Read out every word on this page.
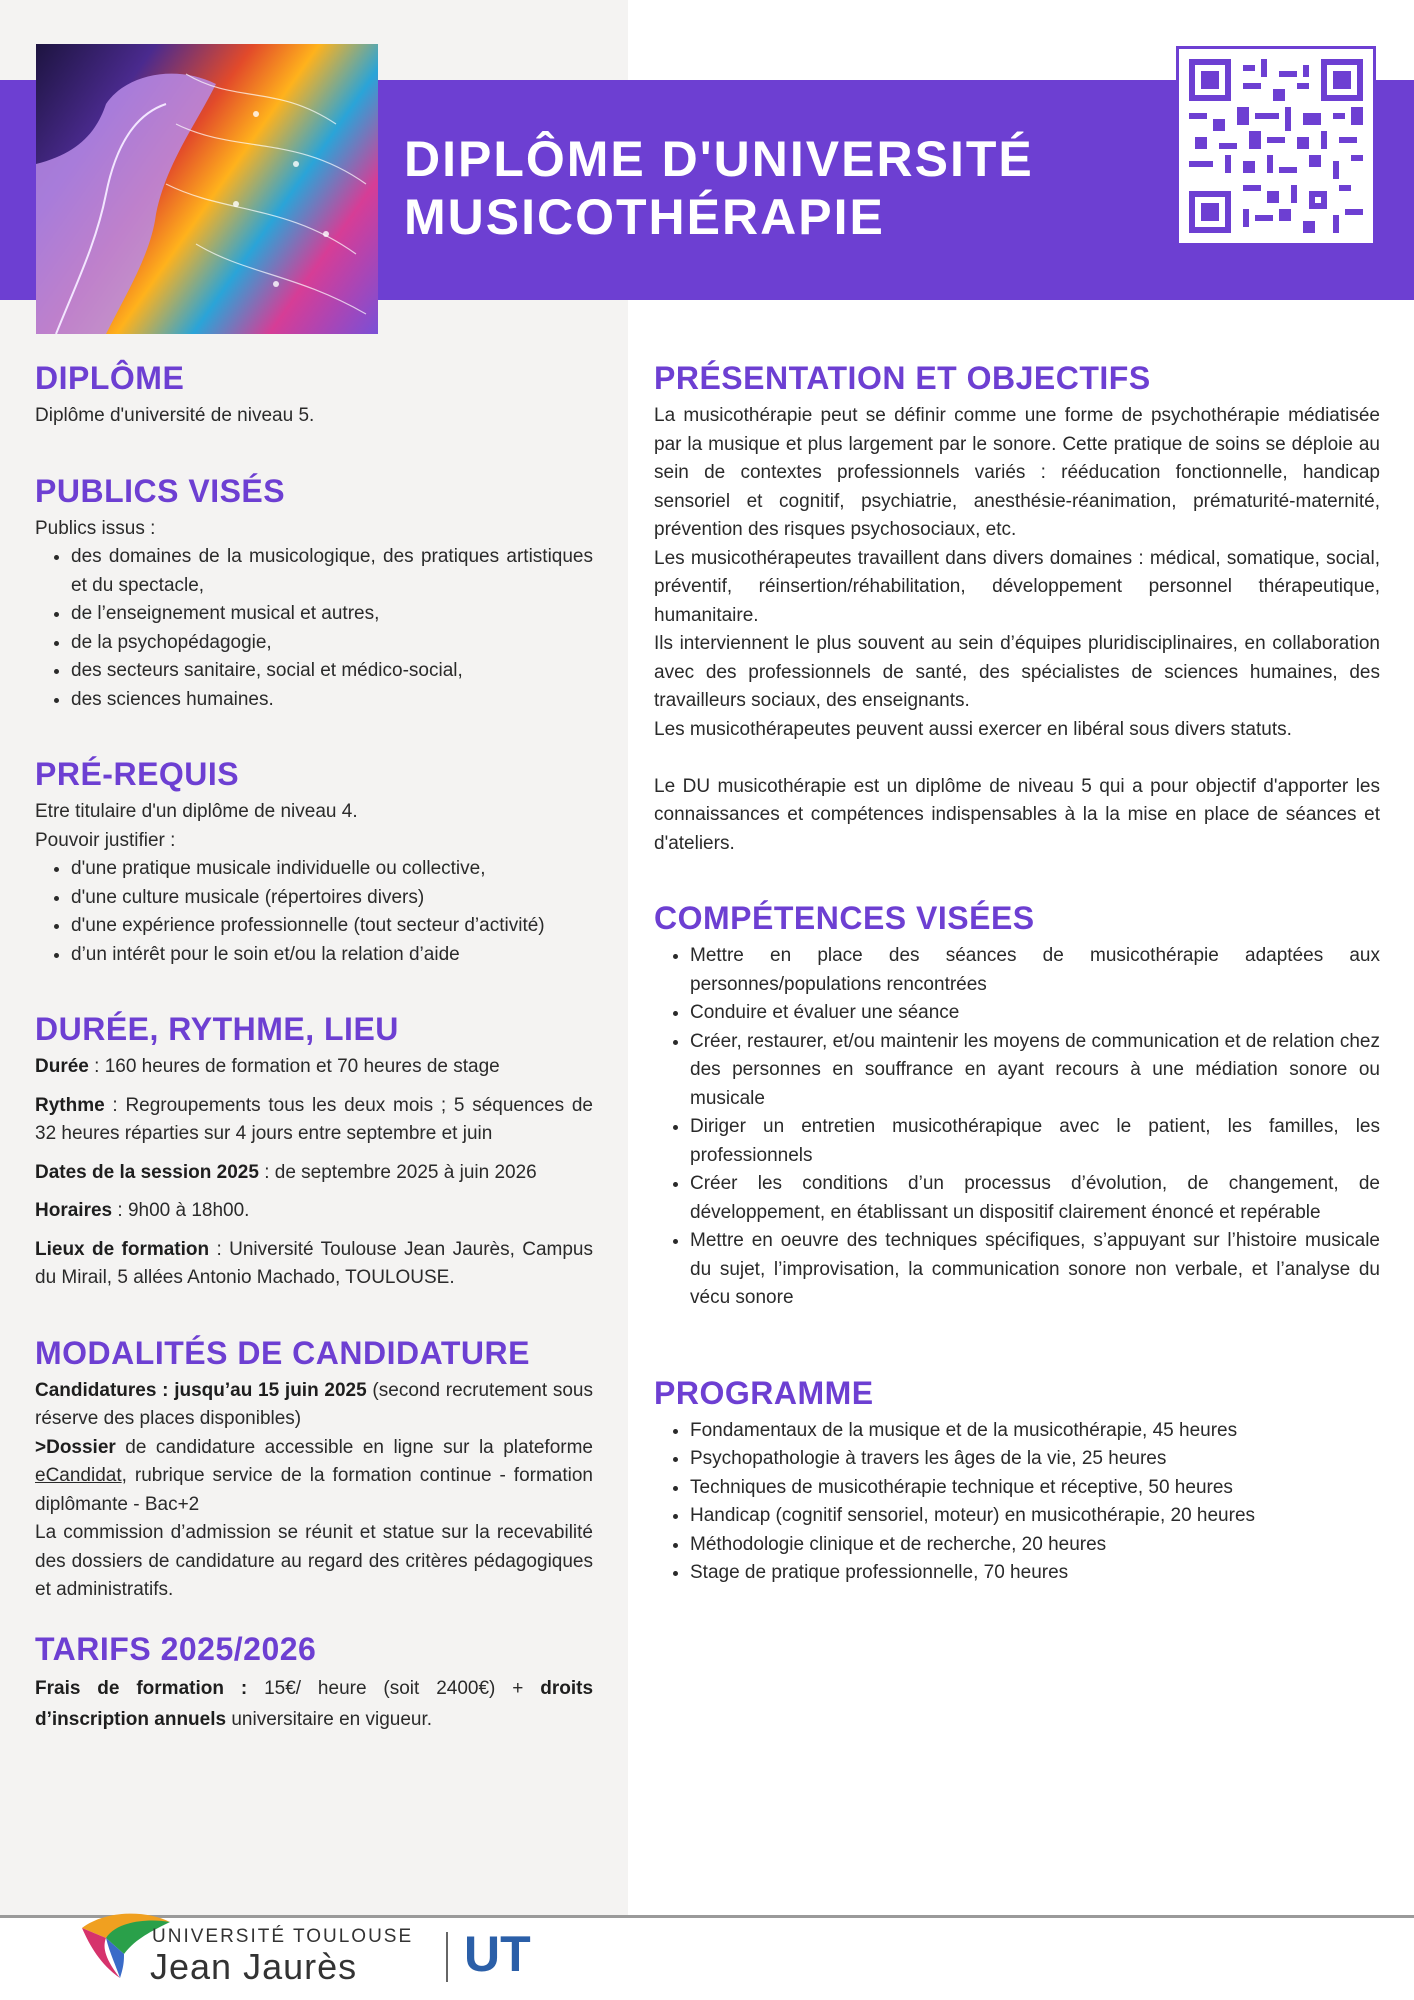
DIPLÔME D'UNIVERSITÉ
MUSICOTHÉRAPIE
DIPLÔME

Diplôme d'université de niveau 5.

PUBLICS VISÉS

Publics issus :

• des domaines de la musicologique, des pratiques artistiques et du spectacle,
• de l’enseignement musical et autres,
• de la psychopédagogie,
• des secteurs sanitaire, social et médico-social,
• des sciences humaines.
PRÉ-REQUIS

Etre titulaire d'un diplôme de niveau 4.

Pouvoir justifier :

• d'une pratique musicale individuelle ou collective,
• d'une culture musicale (répertoires divers)
• d'une expérience professionnelle (tout secteur d’activité)
• d’un intérêt pour le soin et/ou la relation d’aide
DURÉE, RYTHME, LIEU

Durée : 160 heures de formation et 70 heures de stage

Rythme : Regroupements tous les deux mois ; 5 séquences de 32 heures réparties sur 4 jours entre septembre et juin

Dates de la session 2025 : de septembre 2025 à juin 2026

Horaires : 9h00 à 18h00.

Lieux de formation : Université Toulouse Jean Jaurès, Campus du Mirail, 5 allées Antonio Machado, TOULOUSE.

MODALITÉS DE CANDIDATURE

Candidatures : jusqu’au 15 juin 2025 (second recrutement sous réserve des places disponibles)

>Dossier de candidature accessible en ligne sur la plateforme eCandidat, rubrique service de la formation continue - formation diplômante - Bac+2

La commission d’admission se réunit et statue sur la recevabilité des dossiers de candidature au regard des critères pédagogiques et administratifs.

TARIFS 2025/2026

Frais de formation : 15€/ heure (soit 2400€) + droits d’inscription annuels universitaire en vigueur.

PRÉSENTATION ET OBJECTIFS

La musicothérapie peut se définir comme une forme de psychothérapie médiatisée par la musique et plus largement par le sonore. Cette pratique de soins se déploie au sein de contextes professionnels variés : rééducation fonctionnelle, handicap sensoriel et cognitif, psychiatrie, anesthésie-réanimation, prématurité-maternité, prévention des risques psychosociaux, etc.

Les musicothérapeutes travaillent dans divers domaines : médical, somatique, social, préventif, réinsertion/réhabilitation, développement personnel thérapeutique, humanitaire.

Ils interviennent le plus souvent au sein d’équipes pluridisciplinaires, en collaboration avec des professionnels de santé, des spécialistes de sciences humaines, des travailleurs sociaux, des enseignants.

Les musicothérapeutes peuvent aussi exercer en libéral sous divers statuts.

Le DU musicothérapie est un diplôme de niveau 5 qui a pour objectif d'apporter les connaissances et compétences indispensables à la la mise en place de séances et d'ateliers.

COMPÉTENCES VISÉES
• Mettre en place des séances de musicothérapie adaptées aux personnes/populations rencontrées
• Conduire et évaluer une séance
• Créer, restaurer, et/ou maintenir les moyens de communication et de relation chez des personnes en souffrance en ayant recours à une médiation sonore ou musicale
• Diriger un entretien musicothérapique avec le patient, les familles, les professionnels
• Créer les conditions d’un processus d’évolution, de changement, de développement, en établissant un dispositif clairement énoncé et repérable
• Mettre en oeuvre des techniques spécifiques, s’appuyant sur l’histoire musicale du sujet, l’improvisation, la communication sonore non verbale, et l’analyse du vécu sonore
PROGRAMME
• Fondamentaux de la musique et de la musicothérapie, 45 heures
• Psychopathologie à travers les âges de la vie, 25 heures
• Techniques de musicothérapie technique et réceptive, 50 heures
• Handicap (cognitif sensoriel, moteur) en musicothérapie, 20 heures
• Méthodologie clinique et de recherche, 20 heures
• Stage de pratique professionnelle, 70 heures
UNIVERSITÉ TOULOUSE
Jean Jaurès UT
